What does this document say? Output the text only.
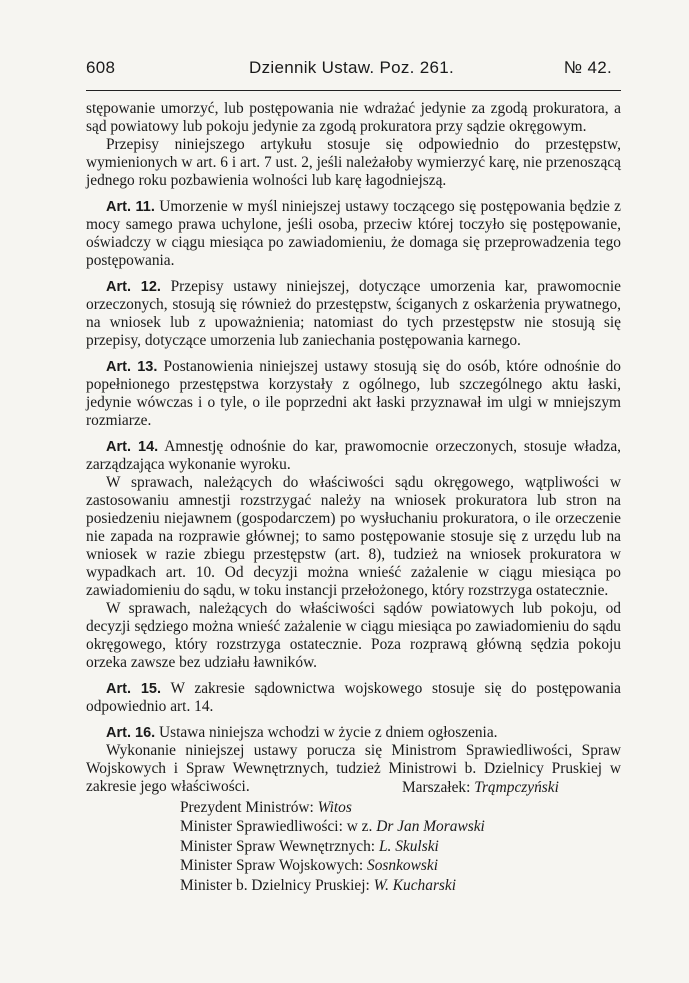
608	Dziennik Ustaw. Poz. 261.	№ 42.

stępowanie umorzyć, lub postępowania nie wdrażać jedynie za zgodą prokuratora, a sąd powiatowy lub pokoju jedynie za zgodą prokuratora przy sądzie okręgowym.

Przepisy niniejszego artykułu stosuje się odpowiednio do przestępstw, wymienionych w art. 6 i art. 7 ust. 2, jeśli należałoby wymierzyć karę, nie przenoszącą jednego roku pozbawienia wolności lub karę łagodniejszą.

Art. 11. Umorzenie w myśl niniejszej ustawy toczącego się postępowania będzie z mocy samego prawa uchylone, jeśli osoba, przeciw której toczyło się postępowanie, oświadczy w ciągu miesiąca po zawiadomieniu, że domaga się przeprowadzenia tego postępowania.

Art. 12. Przepisy ustawy niniejszej, dotyczące umorzenia kar, prawomocnie orzeczonych, stosują się również do przestępstw, ściganych z oskarżenia prywatnego, na wniosek lub z upoważnienia; natomiast do tych przestępstw nie stosują się przepisy, dotyczące umorzenia lub zaniechania postępowania karnego.

Art. 13. Postanowienia niniejszej ustawy stosują się do osób, które odnośnie do popełnionego przestępstwa korzystały z ogólnego, lub szczególnego aktu łaski, jedynie wówczas i o tyle, o ile poprzedni akt łaski przyznawał im ulgi w mniejszym rozmiarze.

Art. 14. Amnestję odnośnie do kar, prawomocnie orzeczonych, stosuje władza, zarządzająca wykonanie wyroku.

W sprawach, należących do właściwości sądu okręgowego, wątpliwości w zastosowaniu amnestji rozstrzygać należy na wniosek prokuratora lub stron na posiedzeniu niejawnem (gospodarczem) po wysłuchaniu prokuratora, o ile orzeczenie nie zapada na rozprawie głównej; to samo postępowanie stosuje się z urzędu lub na wniosek w razie zbiegu przestępstw (art. 8), tudzież na wniosek prokuratora w wypadkach art. 10. Od decyzji można wnieść zażalenie w ciągu miesiąca po zawiadomieniu do sądu, w toku instancji przełożonego, który rozstrzyga ostatecznie.

W sprawach, należących do właściwości sądów powiatowych lub pokoju, od decyzji sędziego można wnieść zażalenie w ciągu miesiąca po zawiadomieniu do sądu okręgowego, który rozstrzyga ostatecznie. Poza rozprawą główną sędzia pokoju orzeka zawsze bez udziału ławników.

Art. 15. W zakresie sądownictwa wojskowego stosuje się do postępowania odpowiednio art. 14.

Art. 16. Ustawa niniejsza wchodzi w życie z dniem ogłoszenia.

Wykonanie niniejszej ustawy poruczа się Ministrom Sprawiedliwości, Spraw Wojskowych i Spraw Wewnętrznych, tudzież Ministrowi b. Dzielnicy Pruskiej w zakresie jego właściwości.	Marszałek: Trąmpczyński
Prezydent Ministrów: Witos
Minister Sprawiedliwości: w z. Dr Jan Morawski
Minister Spraw Wewnętrznych: L. Skulski
Minister Spraw Wojskowych: Sosnkowski
Minister b. Dzielnicy Pruskiej: W. Kucharski
